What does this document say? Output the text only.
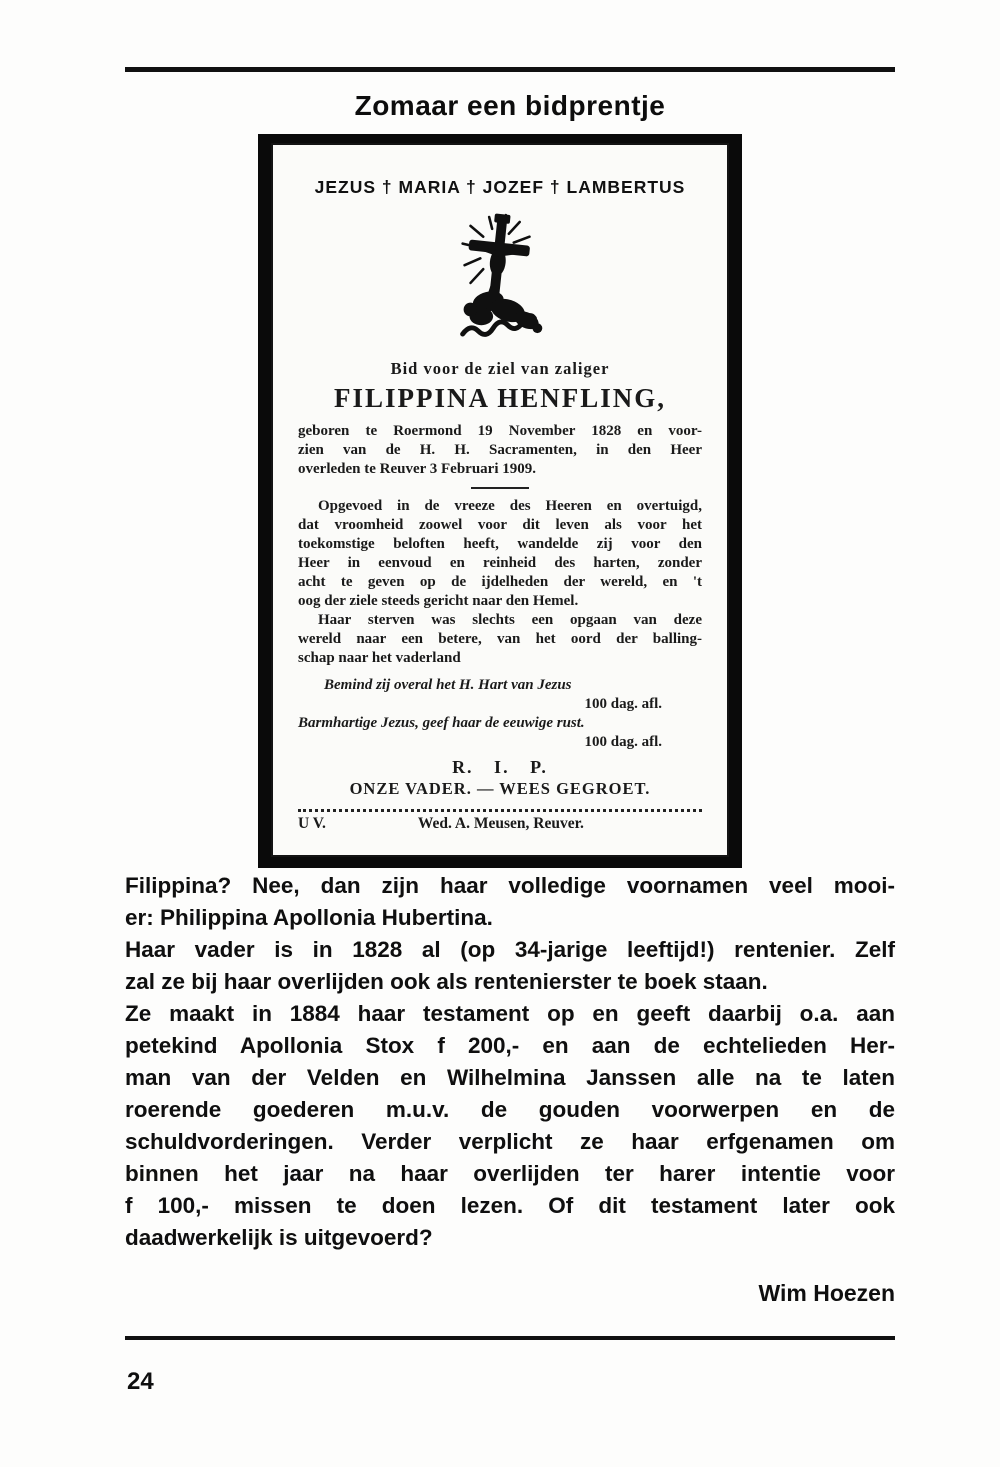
Zomaar een bidprentje
JEZUS † MARIA † JOZEF † LAMBERTUS
Bid voor de ziel van zaliger
FILIPPINA HENFLING,
geboren te Roermond 19 November 1828 en voor-
zien van de H. H. Sacramenten, in den Heer
overleden te Reuver 3 Februari 1909.
Opgevoed in de vreeze des Heeren en overtuigd,
dat vroomheid zoowel voor dit leven als voor het
toekomstige beloften heeft, wandelde zij voor den
Heer in eenvoud en reinheid des harten, zonder
acht te geven op de ijdelheden der wereld, en 't
oog der ziele steeds gericht naar den Hemel.
Haar sterven was slechts een opgaan van deze
wereld naar een betere, van het oord der balling-
schap naar het vaderland
Bemind zij overal het H. Hart van Jezus
100 dag. afl.
Barmhartige Jezus, geef haar de eeuwige rust.
100 dag. afl.
R. I. P.
ONZE VADER. — WEES GEGROET.
U V.	Wed. A. Meusen, Reuver.
Filippina? Nee, dan zijn haar volledige voornamen veel mooi-
er: Philippina Apollonia Hubertina.
Haar vader is in 1828 al (op 34-jarige leeftijd!) rentenier. Zelf
zal ze bij haar overlijden ook als rentenierster te boek staan.
Ze maakt in 1884 haar testament op en geeft daarbij o.a. aan
petekind Apollonia Stox f 200,- en aan de echtelieden Her-
man van der Velden en Wilhelmina Janssen alle na te laten
roerende goederen m.u.v. de gouden voorwerpen en de
schuldvorderingen. Verder verplicht ze haar erfgenamen om
binnen het jaar na haar overlijden ter harer intentie voor
f 100,- missen te doen lezen. Of dit testament later ook
daadwerkelijk is uitgevoerd?
Wim Hoezen
24
